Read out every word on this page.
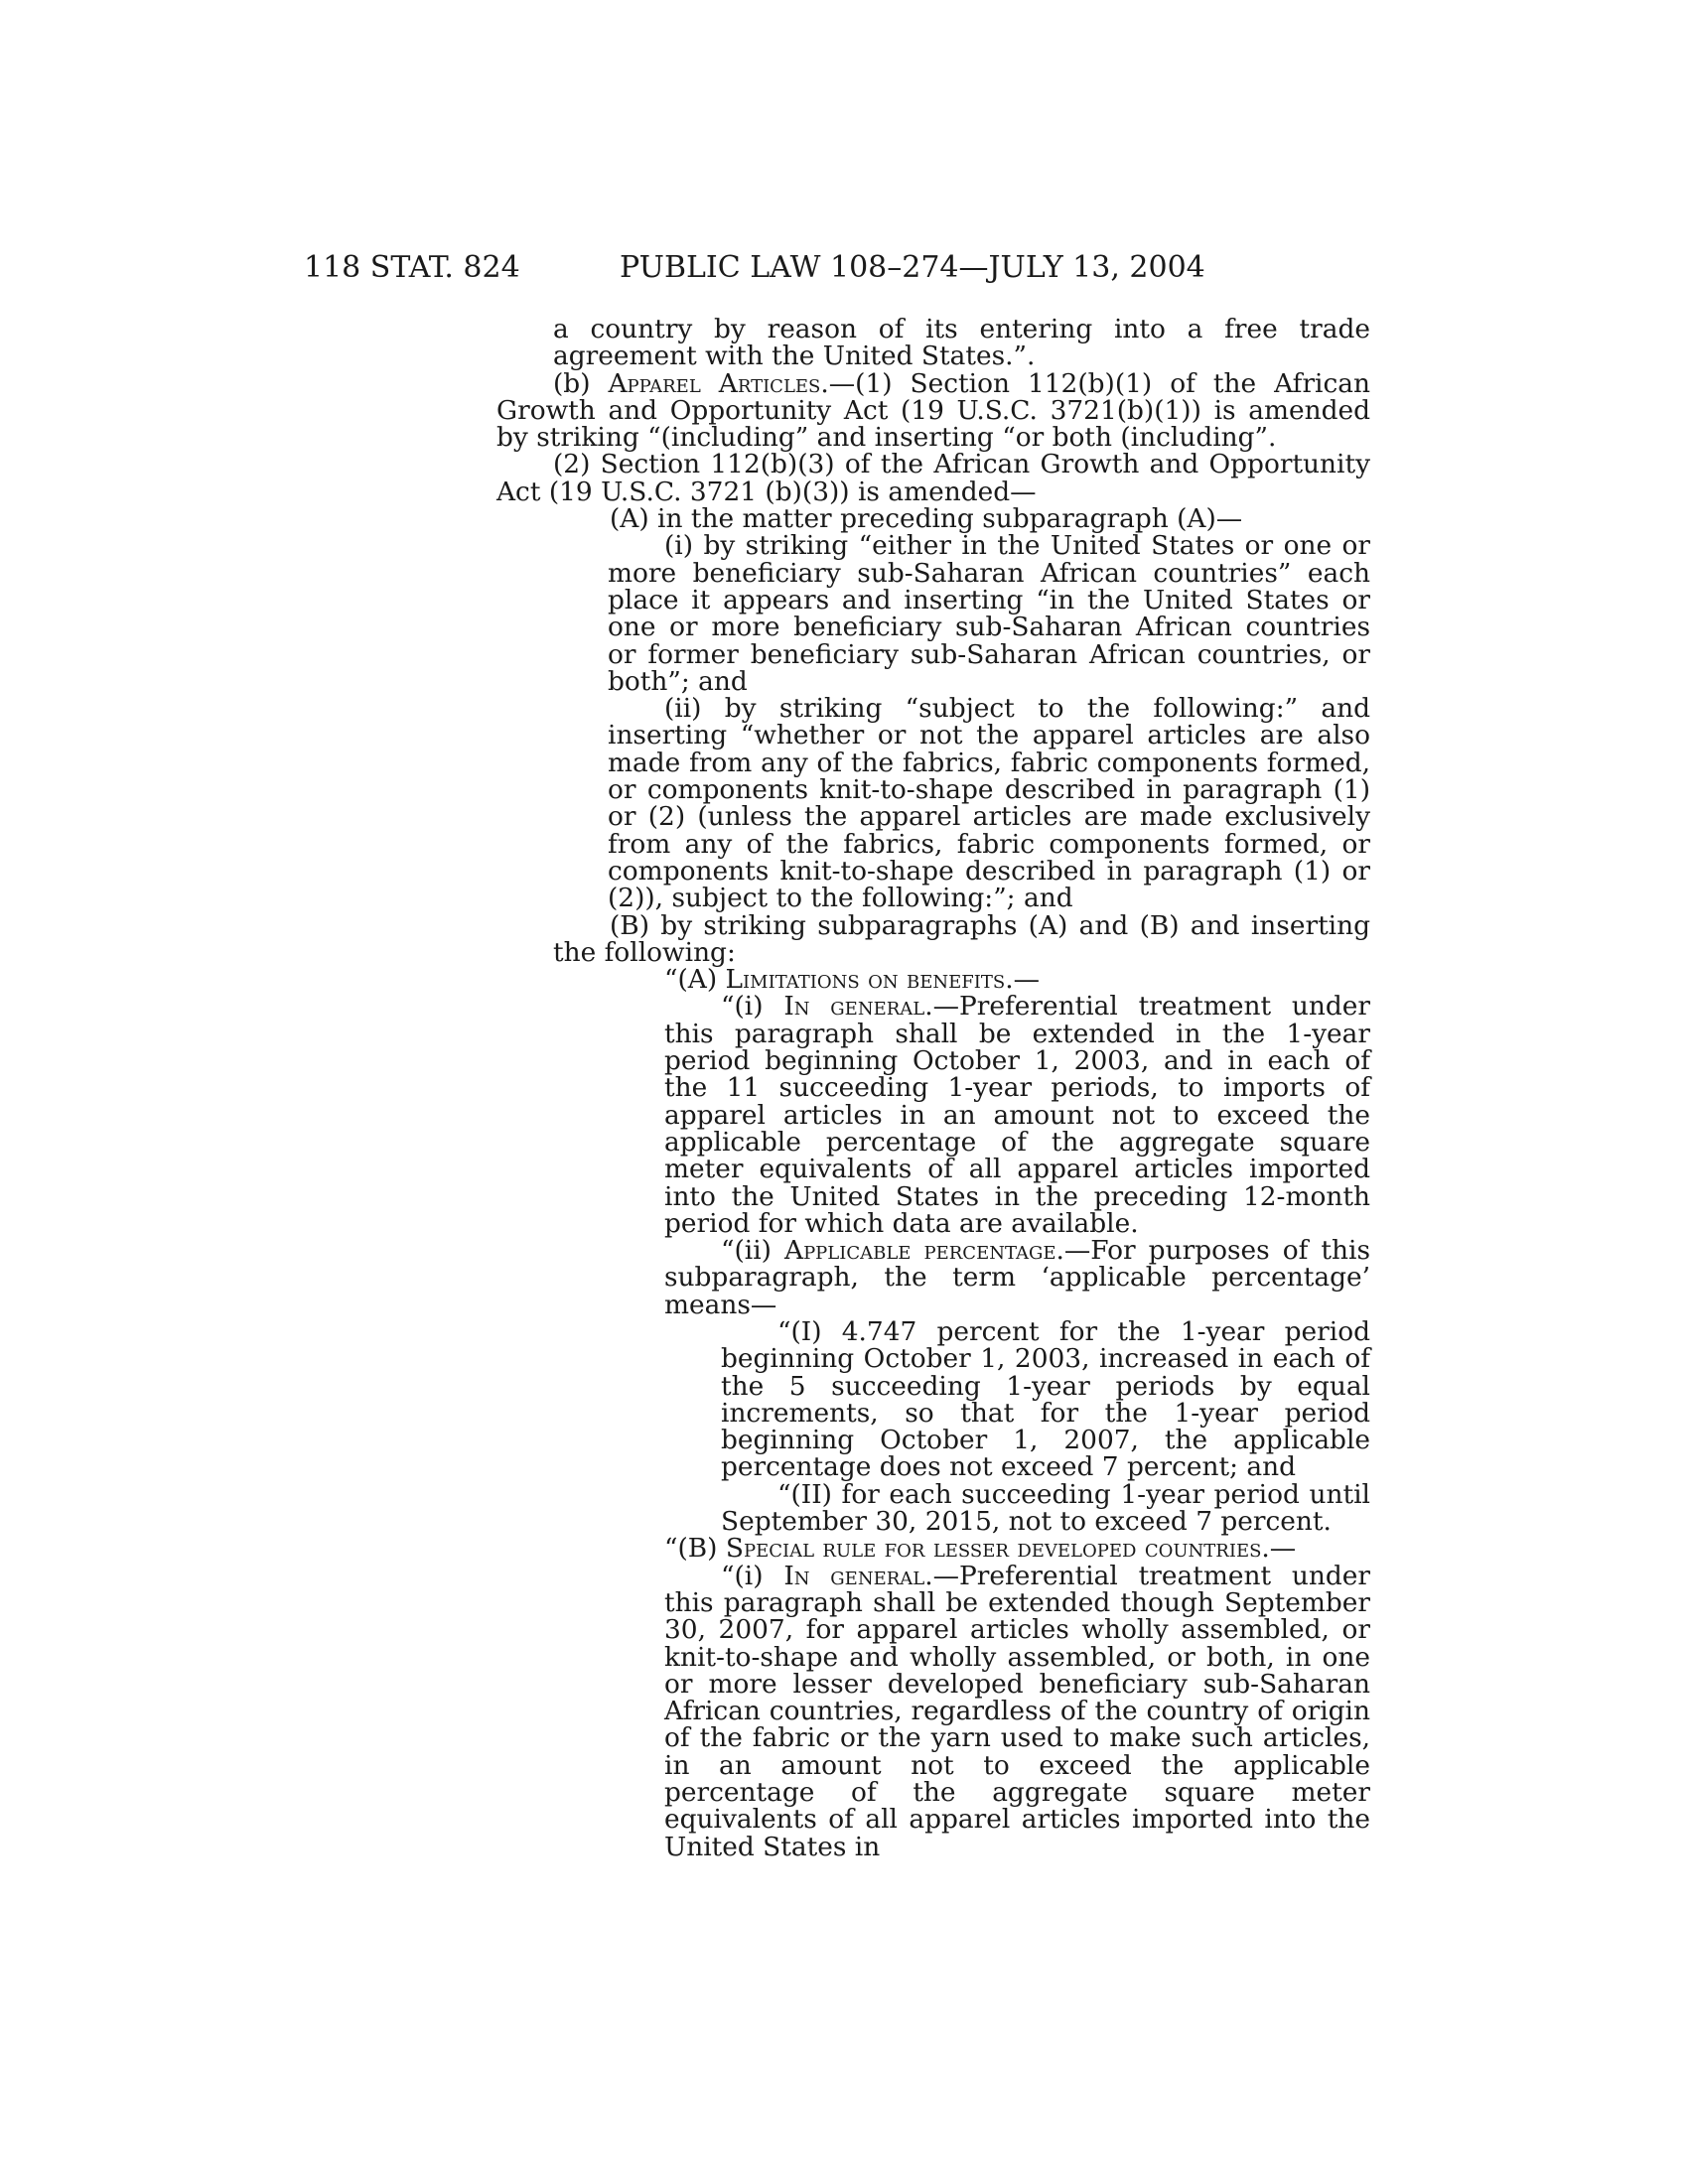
118 STAT. 824	PUBLIC LAW 108–274—JULY 13, 2004

a country by reason of its entering into a free trade agreement with the United States.”.

(b) Apparel Articles.—(1) Section 112(b)(1) of the African Growth and Opportunity Act (19 U.S.C. 3721(b)(1)) is amended by striking “(including” and inserting “or both (including”.

(2) Section 112(b)(3) of the African Growth and Opportunity Act (19 U.S.C. 3721 (b)(3)) is amended—

(A) in the matter preceding subparagraph (A)—

(i) by striking “either in the United States or one or more beneficiary sub-Saharan African countries” each place it appears and inserting “in the United States or one or more beneficiary sub-Saharan African countries or former beneficiary sub-Saharan African countries, or both”; and

(ii) by striking “subject to the following:” and inserting “whether or not the apparel articles are also made from any of the fabrics, fabric components formed, or components knit-to-shape described in paragraph (1) or (2) (unless the apparel articles are made exclusively from any of the fabrics, fabric components formed, or components knit-to-shape described in paragraph (1) or (2)), subject to the following:”; and

(B) by striking subparagraphs (A) and (B) and inserting the following:

“(A) Limitations on benefits.—

“(i) In general.—Preferential treatment under this paragraph shall be extended in the 1-year period beginning October 1, 2003, and in each of the 11 succeeding 1-year periods, to imports of apparel articles in an amount not to exceed the applicable percentage of the aggregate square meter equivalents of all apparel articles imported into the United States in the preceding 12-month period for which data are available.

“(ii) Applicable percentage.—For purposes of this subparagraph, the term ‘applicable percentage’ means—

“(I) 4.747 percent for the 1-year period beginning October 1, 2003, increased in each of the 5 succeeding 1-year periods by equal increments, so that for the 1-year period beginning October 1, 2007, the applicable percentage does not exceed 7 percent; and

“(II) for each succeeding 1-year period until September 30, 2015, not to exceed 7 percent.

“(B) Special rule for lesser developed countries.—

“(i) In general.—Preferential treatment under this paragraph shall be extended though September 30, 2007, for apparel articles wholly assembled, or knit-to-shape and wholly assembled, or both, in one or more lesser developed beneficiary sub-Saharan African countries, regardless of the country of origin of the fabric or the yarn used to make such articles, in an amount not to exceed the applicable percentage of the aggregate square meter equivalents of all apparel articles imported into the United States in
